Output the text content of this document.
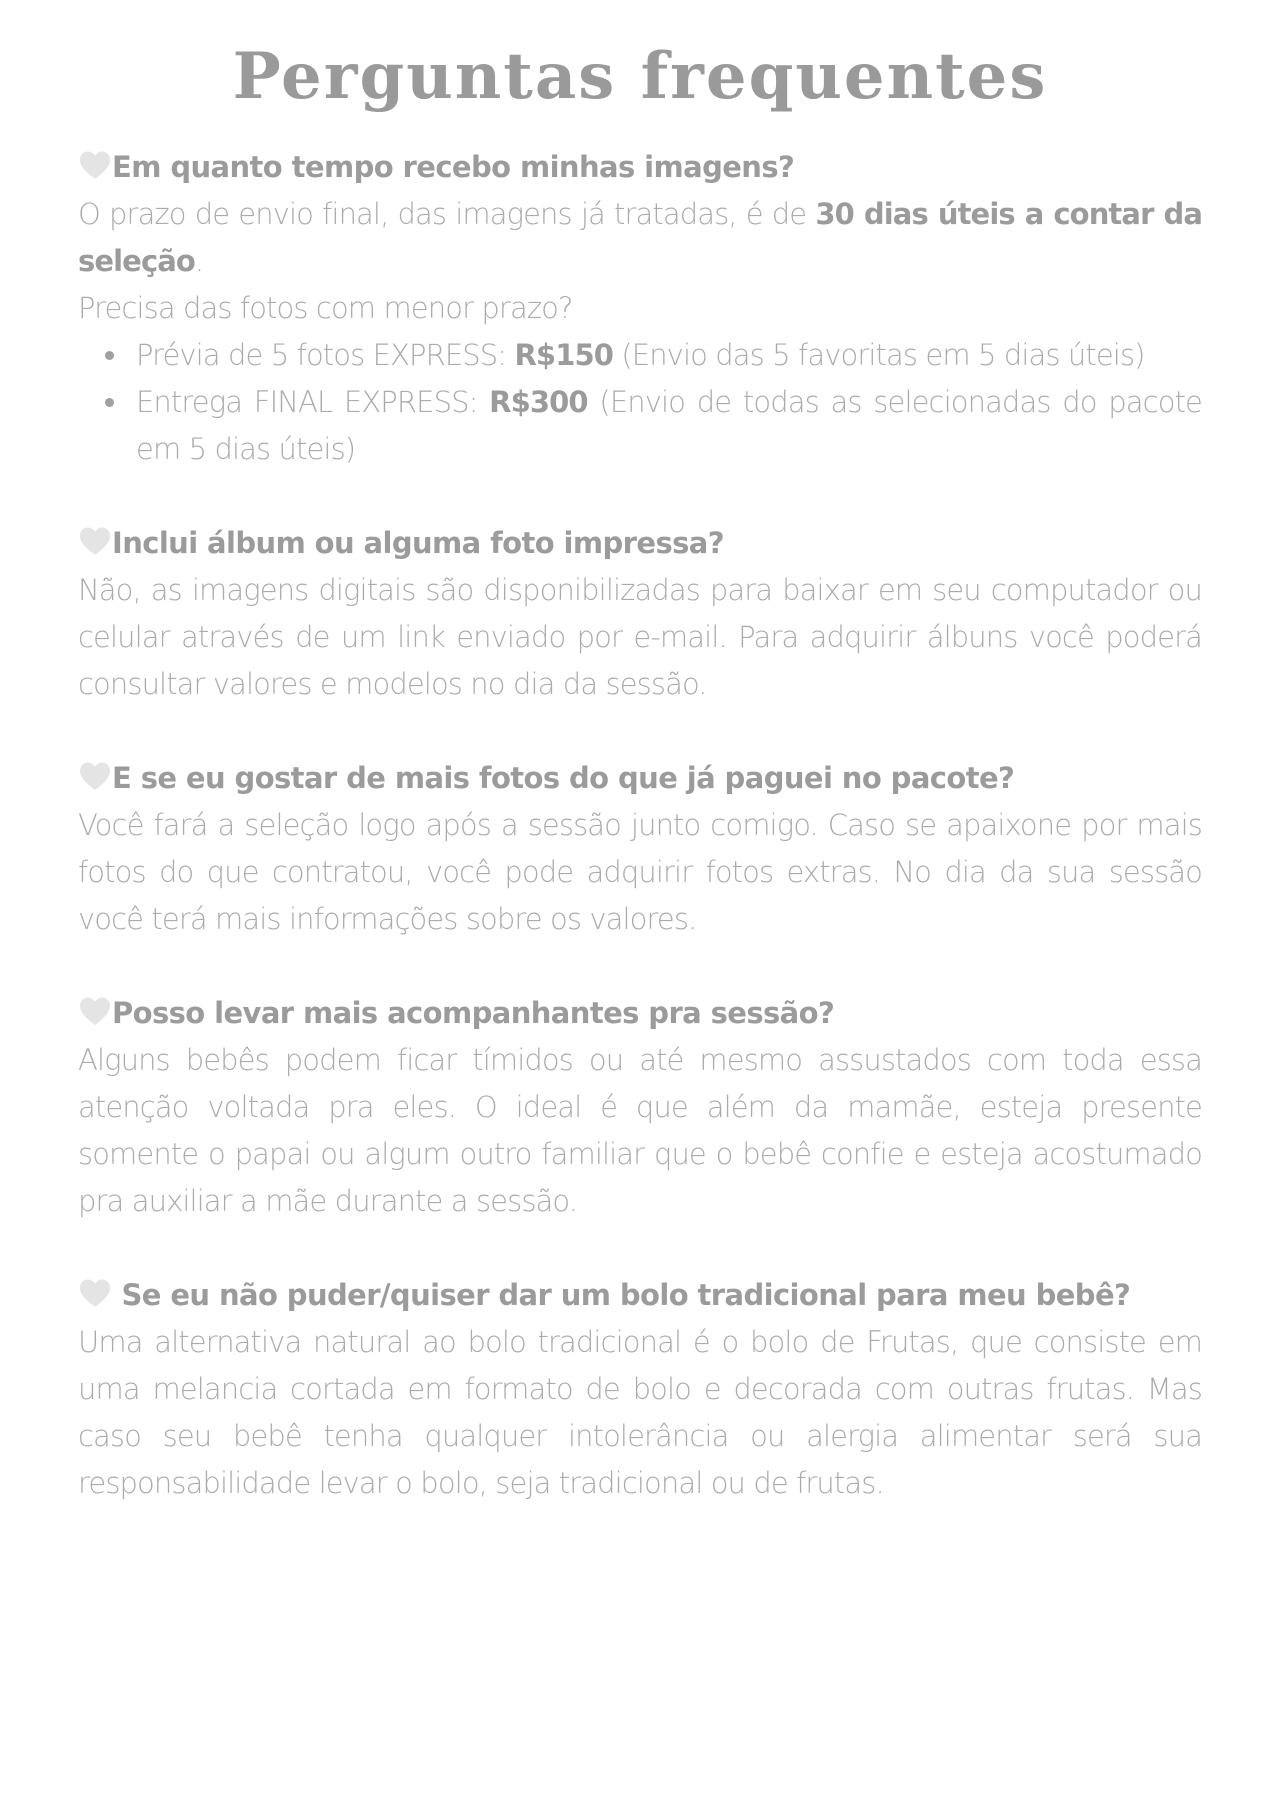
Perguntas frequentes

Em quanto tempo recebo minhas imagens?

O prazo de envio final, das imagens já tratadas, é de 30 dias úteis a contar da seleção.

Precisa das fotos com menor prazo?

Prévia de 5 fotos EXPRESS: R$150 (Envio das 5 favoritas em 5 dias úteis)
Entrega FINAL EXPRESS: R$300 (Envio de todas as selecionadas do pacote em 5 dias úteis)

Inclui álbum ou alguma foto impressa?

Não, as imagens digitais são disponibilizadas para baixar em seu computador ou celular através de um link enviado por e-mail. Para adquirir álbuns você poderá consultar valores e modelos no dia da sessão.

E se eu gostar de mais fotos do que já paguei no pacote?

Você fará a seleção logo após a sessão junto comigo. Caso se apaixone por mais fotos do que contratou, você pode adquirir fotos extras. No dia da sua sessão você terá mais informações sobre os valores.

Posso levar mais acompanhantes pra sessão?

Alguns bebês podem ficar tímidos ou até mesmo assustados com toda essa atenção voltada pra eles. O ideal é que além da mamãe, esteja presente somente o papai ou algum outro familiar que o bebê confie e esteja acostumado pra auxiliar a mãe durante a sessão.

Se eu não puder/quiser dar um bolo tradicional para meu bebê?

Uma alternativa natural ao bolo tradicional é o bolo de Frutas, que consiste em uma melancia cortada em formato de bolo e decorada com outras frutas. Mas caso seu bebê tenha qualquer intolerância ou alergia alimentar será sua responsabilidade levar o bolo, seja tradicional ou de frutas.
